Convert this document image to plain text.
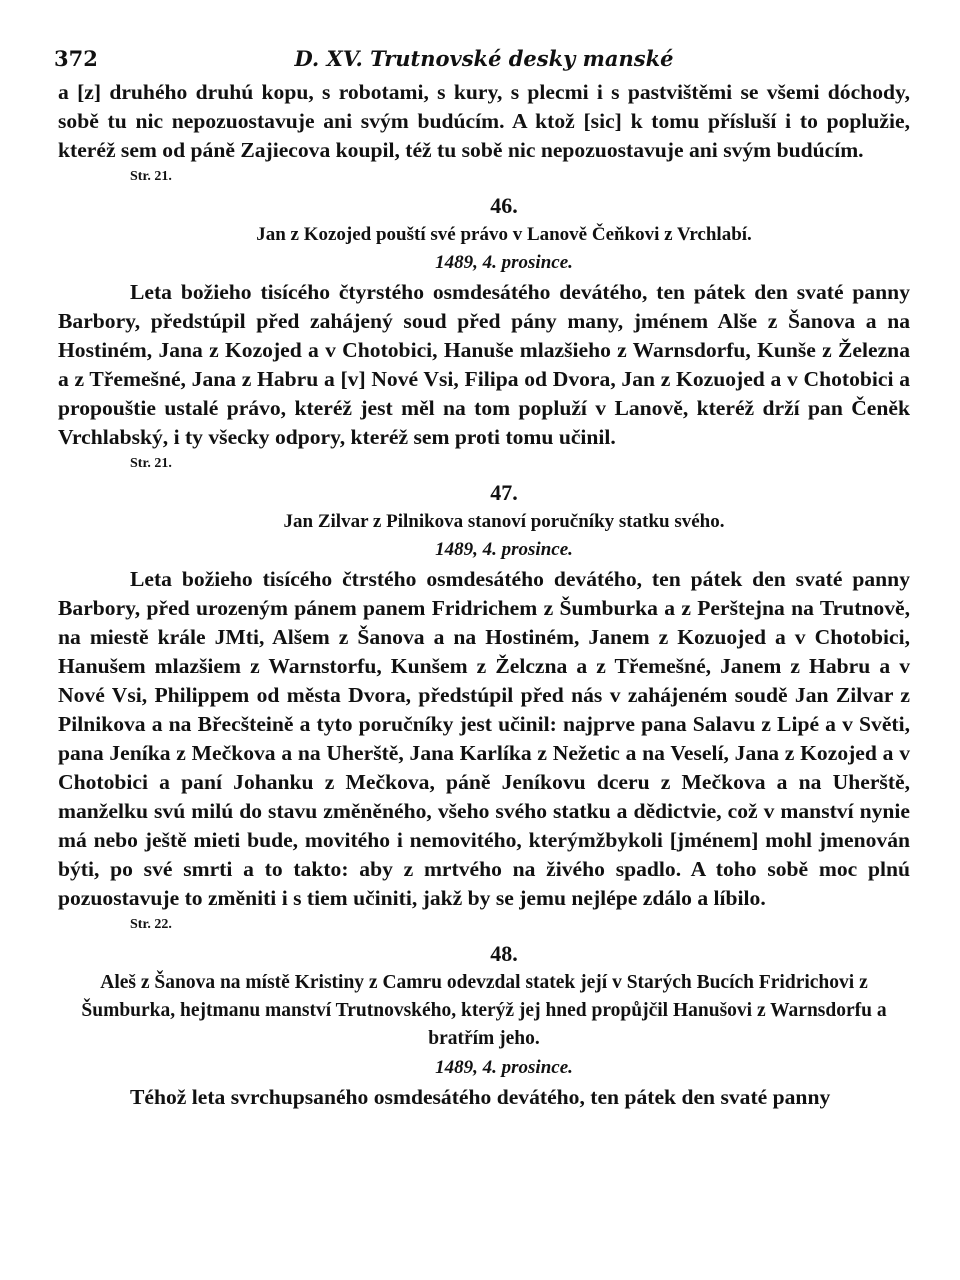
372	D. XV. Trutnovské desky manské

a [z] druhého druhú kopu, s robotami, s kury, s plecmi i s pastvištěmi se všemi dóchody, sobě tu nic nepozuostavuje ani svým budúcím. A ktož [sic] k tomu přísluší i to poplužie, kteréž sem od páně Zajiecova koupil, též tu sobě nic nepozuostavuje ani svým budúcím.

Str. 21.
46.
Jan z Kozojed pouští své právo v Lanově Čeňkovi z Vrchlabí.
1489, 4. prosince.

Leta božieho tisícého čtyrstého osmdesátého devátého, ten pátek den svaté panny Barbory, předstúpil před zahájený soud před pány many, jménem Alše z Šanova a na Hostiném, Jana z Kozojed a v Chotobici, Hanuše mlazšieho z Warnsdorfu, Kunše z Železna a z Třemešné, Jana z Habru a [v] Nové Vsi, Filipa od Dvora, Jan z Kozuojed a v Chotobici a propouštie ustalé právo, kteréž jest měl na tom popluží v Lanově, kteréž drží pan Čeněk Vrchlabský, i ty všecky odpory, kteréž sem proti tomu učinil.

Str. 21.
47.
Jan Zilvar z Pilnikova stanoví poručníky statku svého.
1489, 4. prosince.

Leta božieho tisícého čtrstého osmdesátého devátého, ten pátek den svaté panny Barbory, před urozeným pánem panem Fridrichem z Šumburka a z Perštejna na Trutnově, na miestě krále JMti, Alšem z Šanova a na Hostiném, Janem z Kozuojed a v Chotobici, Hanušem mlazšiem z Warnstorfu, Kunšem z Želczna a z Třemešné, Janem z Habru a v Nové Vsi, Philippem od města Dvora, předstúpil před nás v zahájeném soudě Jan Zilvar z Pilnikova a na Břecšteině a tyto poručníky jest učinil: najprve pana Salavu z Lipé a v Světi, pana Jeníka z Mečkova a na Uherště, Jana Karlíka z Nežetic a na Veselí, Jana z Kozojed a v Chotobici a paní Johanku z Mečkova, páně Jeníkovu dceru z Mečkova a na Uherště, manželku svú milú do stavu změněného, všeho svého statku a dědictvie, což v manství nynie má nebo ještě mieti bude, movitého i nemovitého, kterýmžbykoli [jménem] mohl jmenován býti, po své smrti a to takto: aby z mrtvého na živého spadlo. A toho sobě moc plnú pozuostavuje to změniti i s tiem učiniti, jakž by se jemu nejlépe zdálo a líbilo.

Str. 22.
48.
Aleš z Šanova na místě Kristiny z Camru odevzdal statek její v Starých Bucích Fridrichovi z Šumburka, hejtmanu manství Trutnovského, kterýž jej hned propůjčil Hanušovi z Warnsdorfu a bratřím jeho.
1489, 4. prosince.

Téhož leta svrchupsaného osmdesátého devátého, ten pátek den svaté panny
